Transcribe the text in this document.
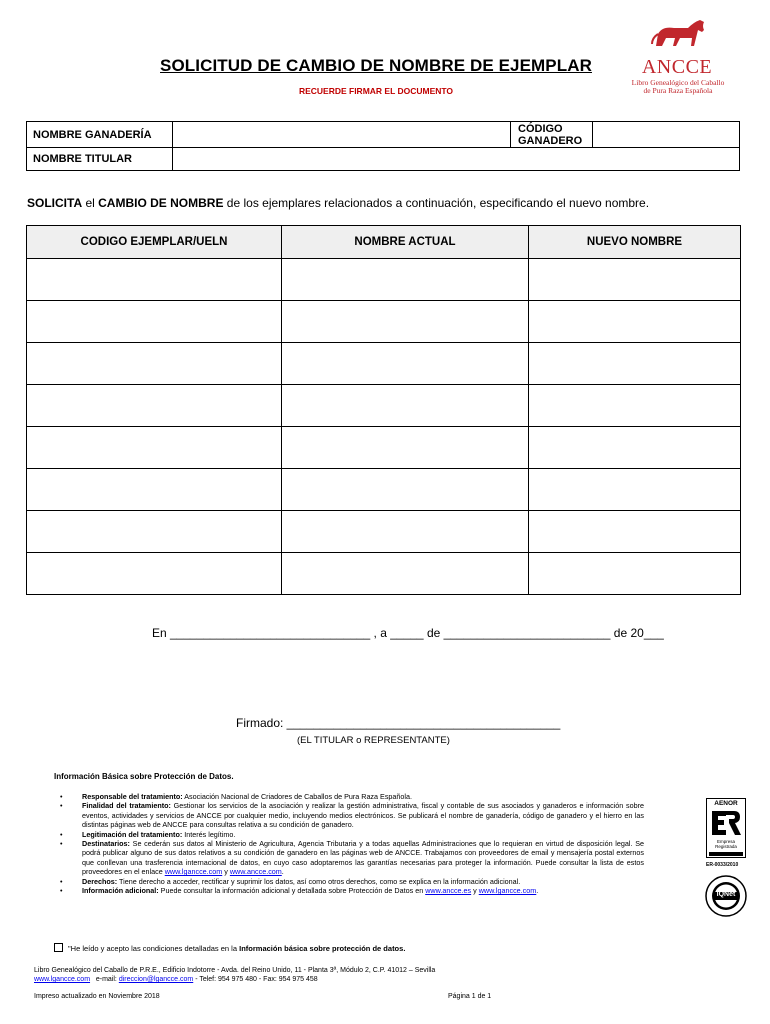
ANCCE
Libro Genealógico del Caballo
de Pura Raza Española
SOLICITUD DE CAMBIO DE NOMBRE DE EJEMPLAR
RECUERDE FIRMAR EL DOCUMENTO
NOMBRE GANADERÍA	CÓDIGO
GANADERO
NOMBRE TITULAR
SOLICITA el CAMBIO DE NOMBRE de los ejemplares relacionados a continuación, especificando el nuevo nombre.
CODIGO EJEMPLAR/UELN	NOMBRE ACTUAL	NUEVO NOMBRE

En ______________________________ , a _____ de _________________________ de 20___
Firmado: _________________________________________
(EL TITULAR o REPRESENTANTE)
Información Básica sobre Protección de Datos.
•	Responsable del tratamiento: Asociación Nacional de Criadores de Caballos de Pura Raza Española.
•	Finalidad del tratamiento: Gestionar los servicios de la asociación y realizar la gestión administrativa, fiscal y contable de sus asociados y ganaderos e información sobre eventos, actividades y servicios de ANCCE por cualquier medio, incluyendo medios electrónicos. Se publicará el nombre de ganadería, código de ganadero y el hierro en las distintas páginas web de ANCCE para consultas relativa a su condición de ganadero.
•	Legitimación del tratamiento: Interés legítimo.
•	Destinatarios: Se cederán sus datos al Ministerio de Agricultura, Agencia Tributaria y a todas aquellas Administraciones que lo requieran en virtud de disposición legal. Se podrá publicar alguno de sus datos relativos a su condición de ganadero en las páginas web de ANCCE. Trabajamos con proveedores de email y mensajería postal externos que conllevan una trasferencia internacional de datos, en cuyo caso adoptaremos las garantías necesarias para proteger la información. Puede consultar la lista de estos proveedores en el enlace www.lgancce.com y www.ancce.com.
•	Derechos: Tiene derecho a acceder, rectificar y suprimir los datos, así como otros derechos, como se explica en la información adicional.
•	Información adicional: Puede consultar la información adicional y detallada sobre Protección de Datos en www.ancce.es y www.lgancce.com.
"He leído y acepto las condiciones detalladas en la Información básica sobre protección de datos.
AENOR
Empresa
Registrada
ER-0033/2010
IQNet
Libro Genealógico del Caballo de P.R.E., Edificio Indotorre - Avda. del Reino Unido, 11 - Planta 3ª, Módulo 2, C.P. 41012 – Sevilla
www.lgancce.com e-mail: direccion@lgancce.com - Telef: 954 975 480 - Fax: 954 975 458
Impreso actualizado en Noviembre 2018	Página 1 de 1
